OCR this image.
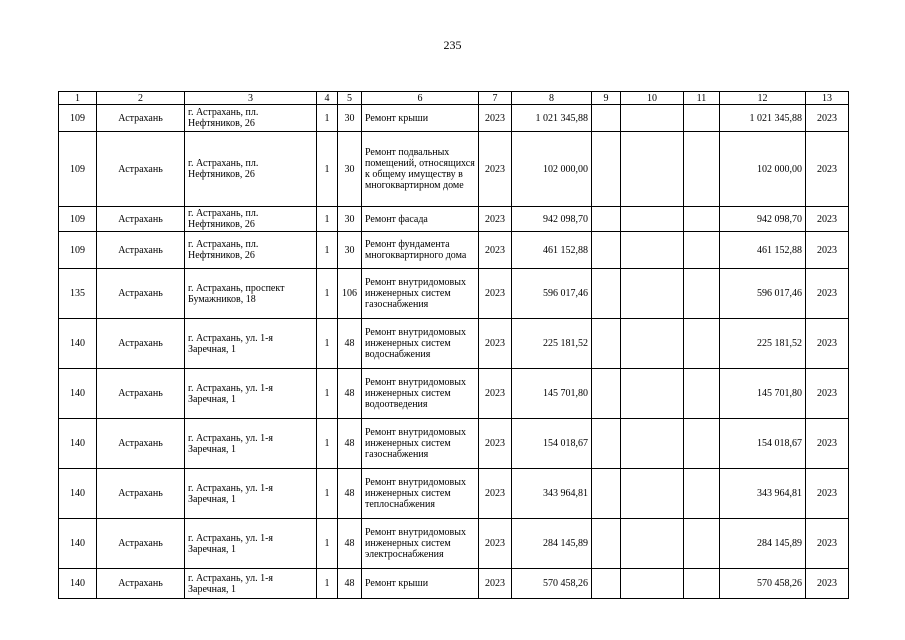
235
1	2	3	4	5	6	7	8	9	10	11	12	13
109	Астрахань	г. Астрахань, пл. Нефтяников, 26	1	30	Ремонт крыши	2023	1 021 345,88				1 021 345,88	2023
109	Астрахань	г. Астрахань, пл. Нефтяников, 26	1	30	Ремонт подвальных помещений, относящихся к общему имуществу в многоквартирном доме	2023	102 000,00				102 000,00	2023
109	Астрахань	г. Астрахань, пл. Нефтяников, 26	1	30	Ремонт фасада	2023	942 098,70				942 098,70	2023
109	Астрахань	г. Астрахань, пл. Нефтяников, 26	1	30	Ремонт фундамента многоквартирного дома	2023	461 152,88				461 152,88	2023
135	Астрахань	г. Астрахань, проспект Бумажников, 18	1	106	Ремонт внутридомовых инженерных систем газоснабжения	2023	596 017,46				596 017,46	2023
140	Астрахань	г. Астрахань, ул. 1-я Заречная, 1	1	48	Ремонт внутридомовых инженерных систем водоснабжения	2023	225 181,52				225 181,52	2023
140	Астрахань	г. Астрахань, ул. 1-я Заречная, 1	1	48	Ремонт внутридомовых инженерных систем водоотведения	2023	145 701,80				145 701,80	2023
140	Астрахань	г. Астрахань, ул. 1-я Заречная, 1	1	48	Ремонт внутридомовых инженерных систем газоснабжения	2023	154 018,67				154 018,67	2023
140	Астрахань	г. Астрахань, ул. 1-я Заречная, 1	1	48	Ремонт внутридомовых инженерных систем теплоснабжения	2023	343 964,81				343 964,81	2023
140	Астрахань	г. Астрахань, ул. 1-я Заречная, 1	1	48	Ремонт внутридомовых инженерных систем электроснабжения	2023	284 145,89				284 145,89	2023
140	Астрахань	г. Астрахань, ул. 1-я Заречная, 1	1	48	Ремонт крыши	2023	570 458,26				570 458,26	2023
